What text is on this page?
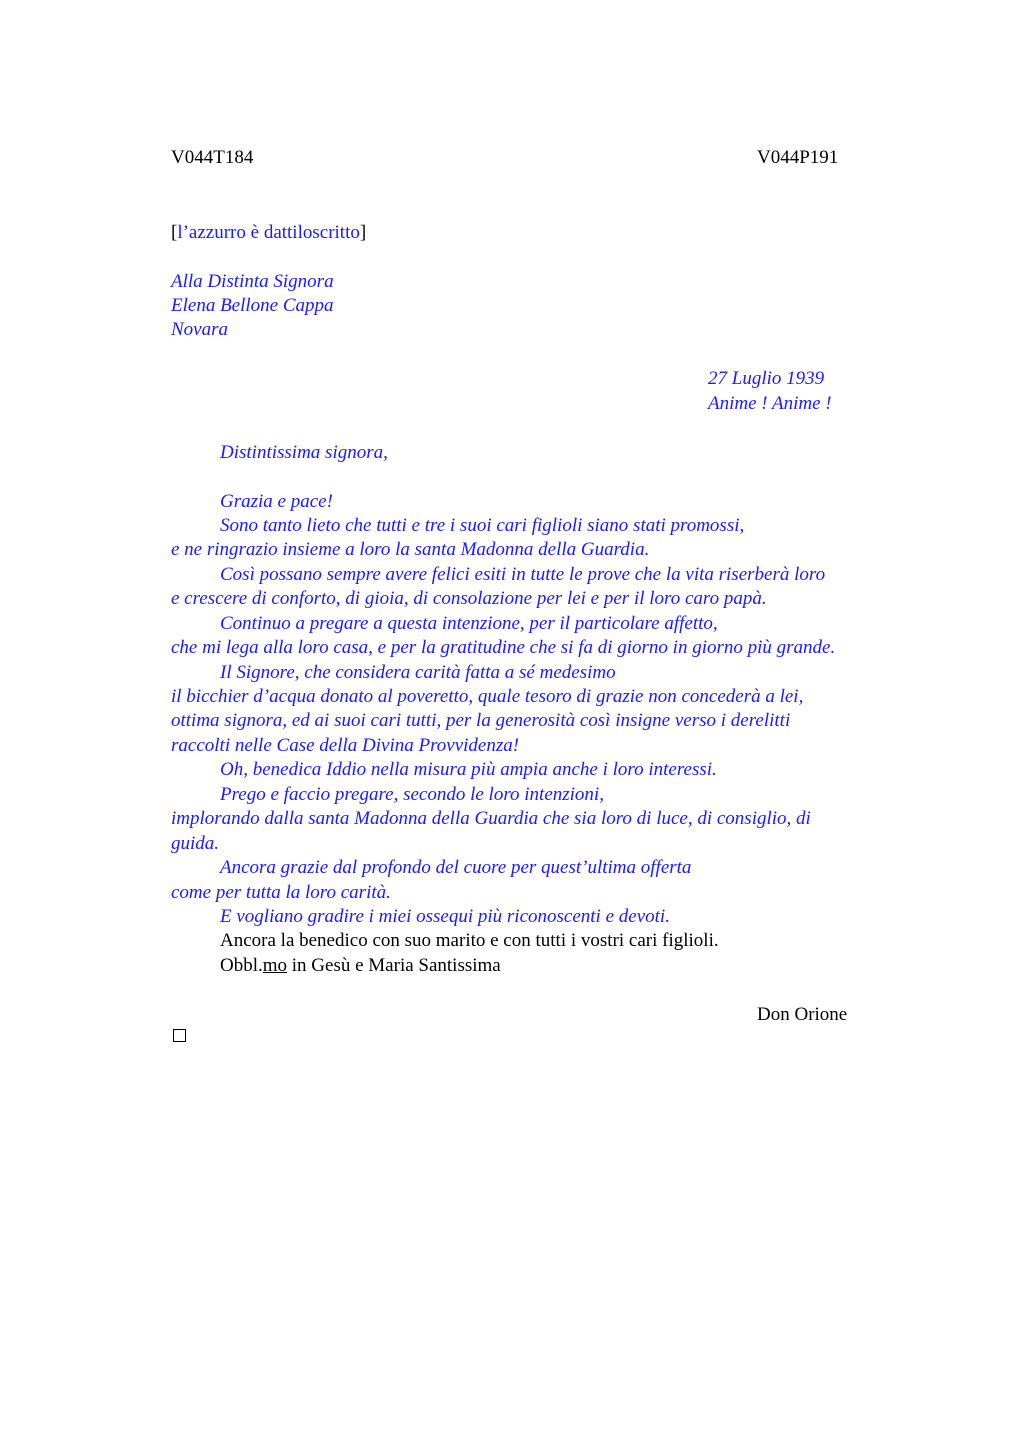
V044T184	V044P191
[l’azzurro è dattiloscritto]
Alla Distinta Signora
Elena Bellone Cappa
Novara
27 Luglio 1939
Anime ! Anime !
Distintissima signora,
Grazia e pace!
Sono tanto lieto che tutti e tre i suoi cari figlioli siano stati promossi,
e ne ringrazio insieme a loro la santa Madonna della Guardia.
Così possano sempre avere felici esiti in tutte le prove che la vita riserberà loro
e crescere di conforto, di gioia, di consolazione per lei e per il loro caro papà.
Continuo a pregare a questa intenzione, per il particolare affetto,
che mi lega alla loro casa, e per la gratitudine che si fa di giorno in giorno più grande.
Il Signore, che considera carità fatta a sé medesimo
il bicchier d’acqua donato al poveretto, quale tesoro di grazie non concederà a lei,
ottima signora, ed ai suoi cari tutti, per la generosità così insigne verso i derelitti
raccolti nelle Case della Divina Provvidenza!
Oh, benedica Iddio nella misura più ampia anche i loro interessi.
Prego e faccio pregare, secondo le loro intenzioni,
implorando dalla santa Madonna della Guardia che sia loro di luce, di consiglio, di
guida.
Ancora grazie dal profondo del cuore per quest’ultima offerta
come per tutta la loro carità.
E vogliano gradire i miei ossequi più riconoscenti e devoti.
Ancora la benedico con suo marito e con tutti i vostri cari figlioli.
Obbl.mo in Gesù e Maria Santissima
Don Orione
